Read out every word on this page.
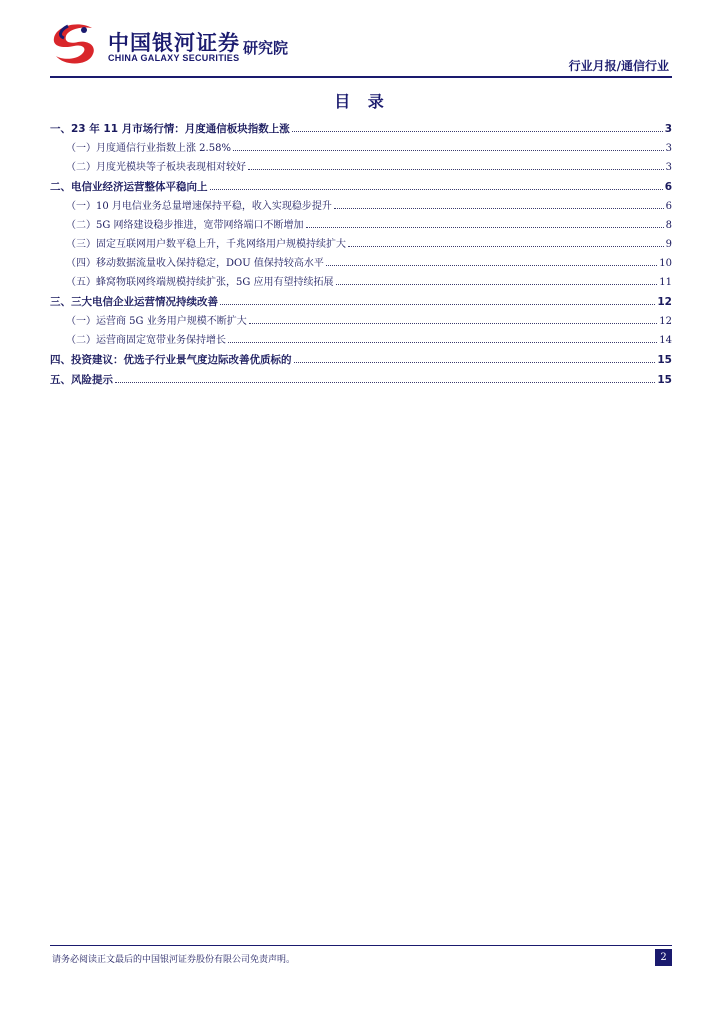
中国银河证券
CHINA GALAXY SECURITIES
研究院
行业月报/通信行业
目 录
一、23 年 11 月市场行情：月度通信板块指数上涨	3
（一）月度通信行业指数上涨 2.58%	3
（二）月度光模块等子板块表现相对较好	3
二、电信业经济运营整体平稳向上	6
（一）10 月电信业务总量增速保持平稳，收入实现稳步提升	6
（二）5G 网络建设稳步推进，宽带网络端口不断增加	8
（三）固定互联网用户数平稳上升，千兆网络用户规模持续扩大	9
（四）移动数据流量收入保持稳定，DOU 值保持较高水平	10
（五）蜂窝物联网终端规模持续扩张，5G 应用有望持续拓展	11
三、三大电信企业运营情况持续改善	12
（一）运营商 5G 业务用户规模不断扩大	12
（二）运营商固定宽带业务保持增长	14
四、投资建议：优选子行业景气度边际改善优质标的	15
五、风险提示	15
请务必阅读正文最后的中国银河证券股份有限公司免责声明。	2
